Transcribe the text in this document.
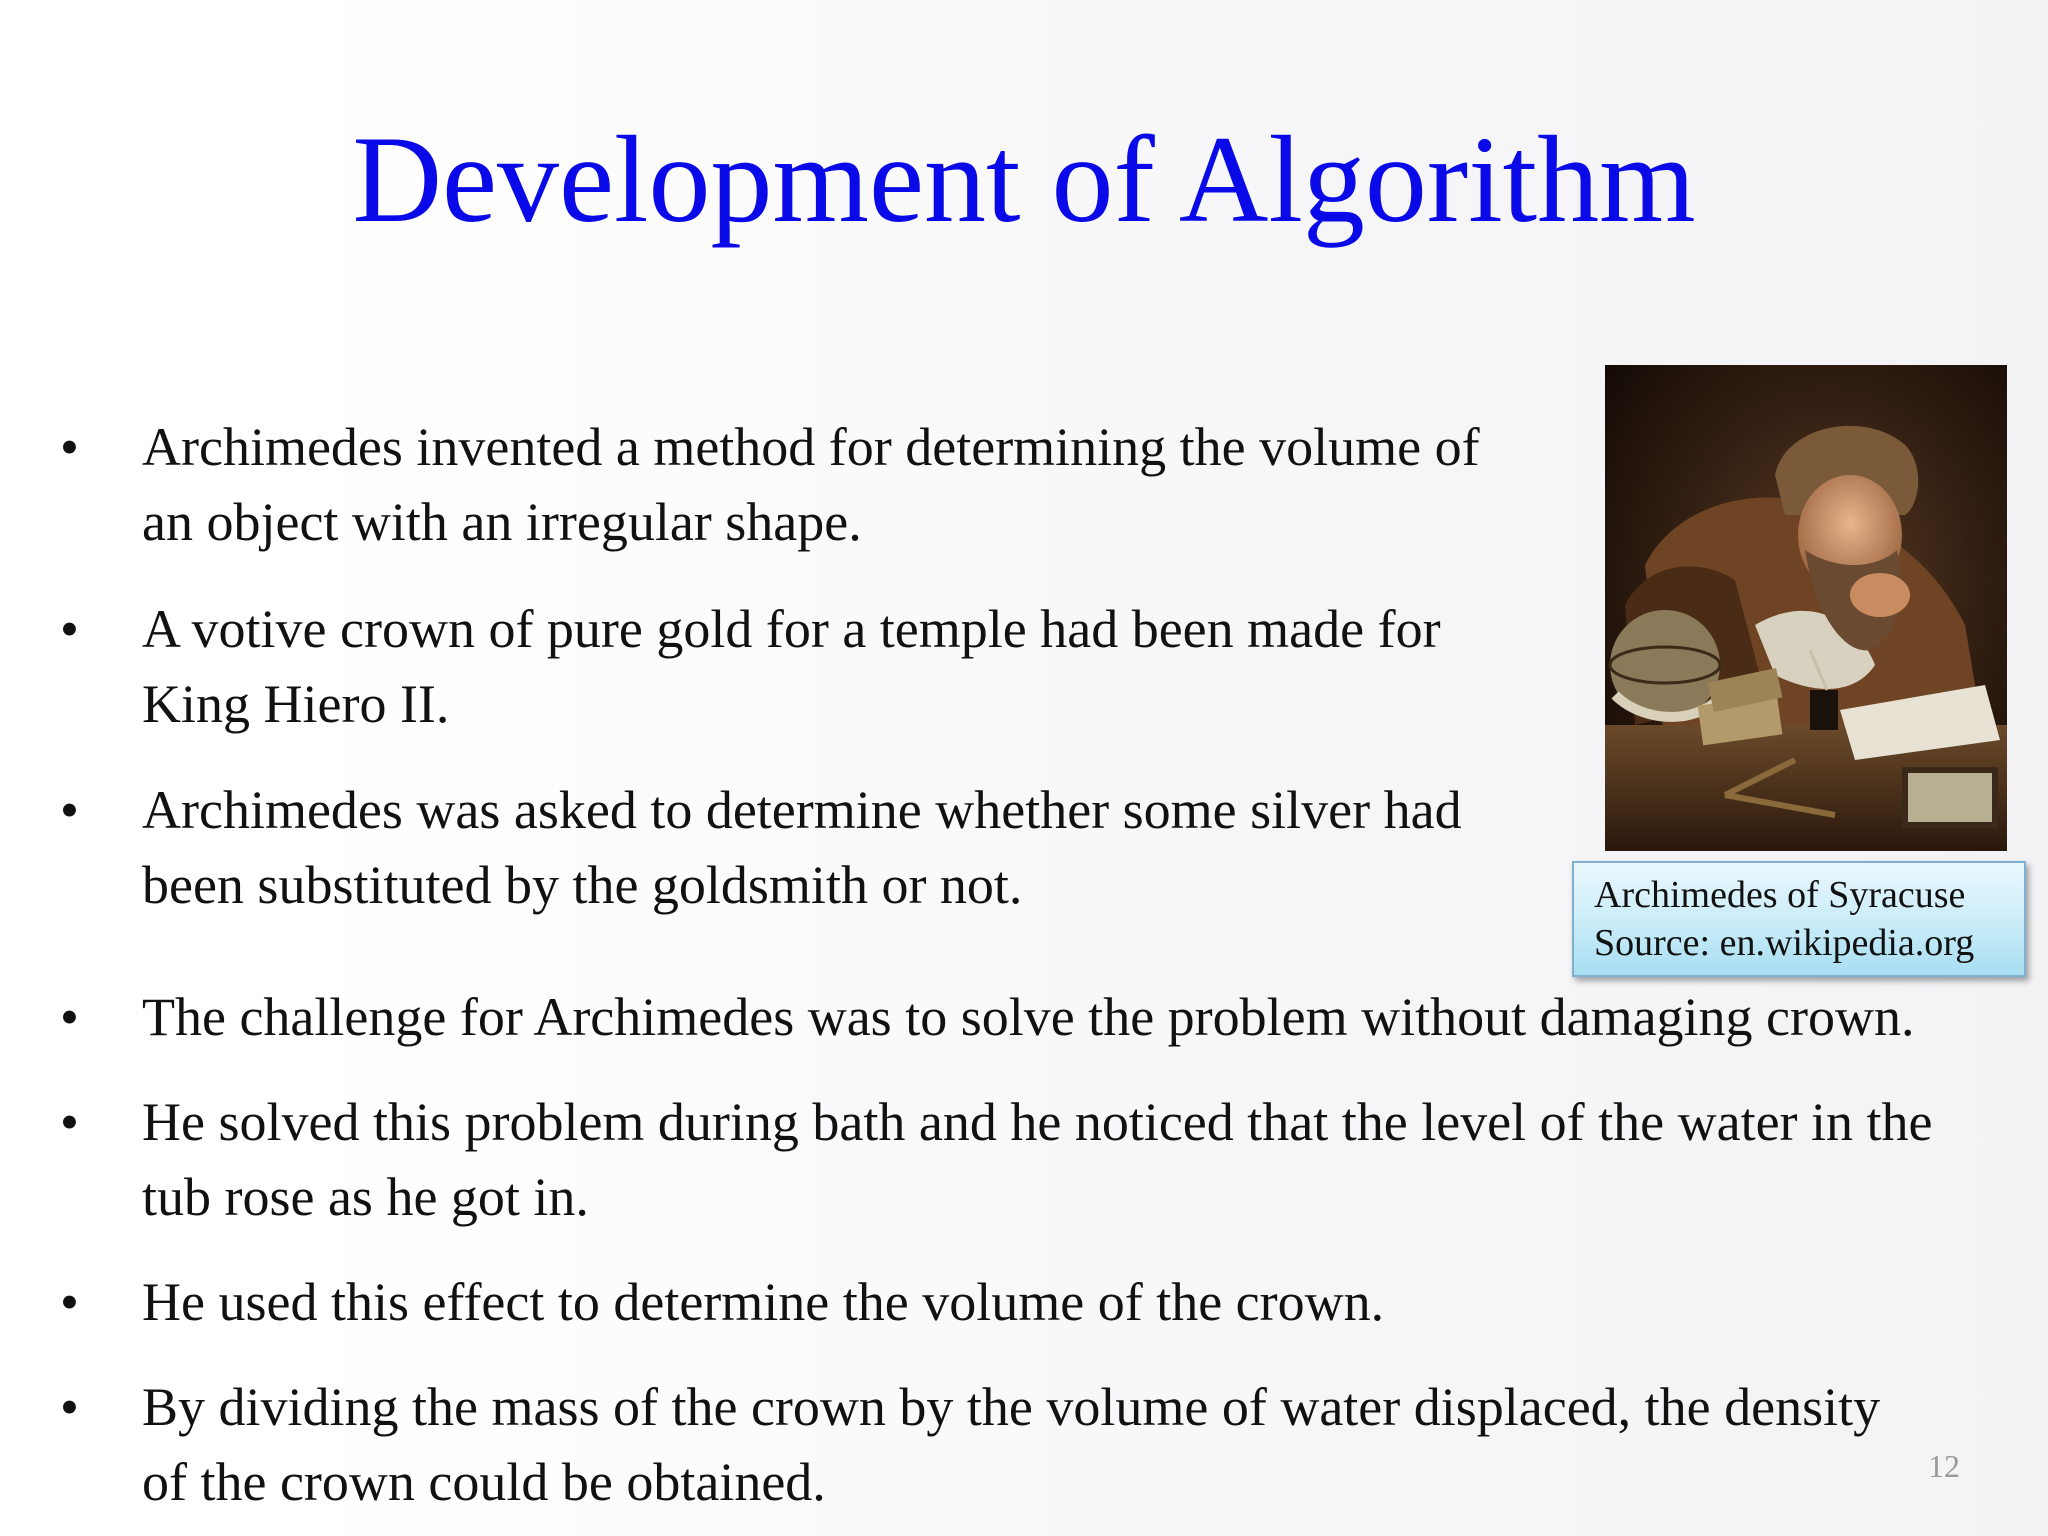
Development of Algorithm
•	Archimedes invented a method for determining the volume of
an object with an irregular shape.
•	A votive crown of pure gold for a temple had been made for
King Hiero II.
•	Archimedes was asked to determine whether some silver had
been substituted by the goldsmith or not.
•	The challenge for Archimedes was to solve the problem without damaging crown.
•	He solved this problem during bath and he noticed that the level of the water in the
tub rose as he got in.
•	He used this effect to determine the volume of the crown.
•	By dividing the mass of the crown by the volume of water displaced, the density
of the crown could be obtained.
Archimedes of Syracuse
Source: en.wikipedia.org
12
